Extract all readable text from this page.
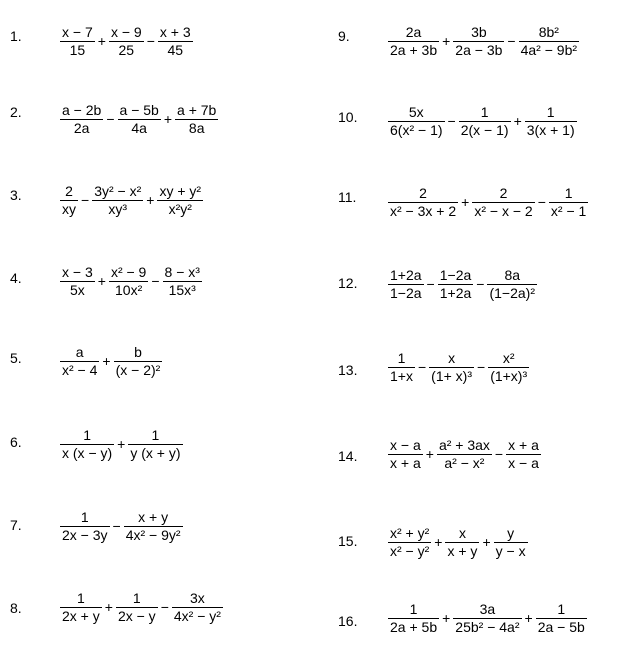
1.	$\frac{x - 7}{15} + \frac{x - 9}{25} - \frac{x + 3}{45}$
2.	$\frac{a - 2b}{2a} - \frac{a - 5b}{4a} + \frac{a + 7b}{8a}$
3.	$\frac{2}{xy} - \frac{\text{3y² − x²}}{\text{xy³}} + \frac{\text{xy + y²}}{\text{x²y²}}$
4.	$\frac{x - 3}{5x} + \frac{\text{x² − 9}}{\text{10x²}} - \frac{\text{8 − x³}}{\text{15x³}}$
5.	$\frac{a}{\text{x² − 4}} + \frac{b}{\text{(x − 2)²}}$
6.	$\frac{1}{x (x - y)} + \frac{1}{y (x + y)}$
7.	$\frac{1}{2x - 3y} - \frac{x + y}{\text{4x² − 9y²}}$
8.	$\frac{1}{2x + y} + \frac{1}{2x - y} - \frac{3x}{\text{4x² − y²}}$
9.	$\frac{2a}{2a + 3b} + \frac{3b}{2a - 3b} - \frac{\text{8b²}}{\text{4a² − 9b²}}$
10. $\frac{5x}{\text{6(x² − 1)}} - \frac{1}{2(x - 1)} + \frac{1}{3(x + 1)}$
11. $\frac{2}{\text{x² − 3x + 2}} + \frac{2}{\text{x² − x − 2}} - \frac{1}{\text{x² − 1}}$
12. $\frac{1+2a}{1-2a} - \frac{1-2a}{1+2a} - \frac{8a}{\text{(1−2a)²}}$
13. $\frac{1}{1+x} - \frac{x}{\text{(1+ x)³}} - \frac{\text{x²}}{\text{(1+x)³}}$
14. $\frac{x - a}{x + a} + \frac{\text{a² + 3ax}}{\text{a² − x²}} - \frac{x + a}{x - a}$
15. $\frac{\text{x² + y²}}{\text{x² − y²}} + \frac{x}{x + y} + \frac{y}{y - x}$
16. $\frac{1}{2a + 5b} + \frac{3a}{\text{25b² − 4a²}} + \frac{1}{2a - 5b}$
